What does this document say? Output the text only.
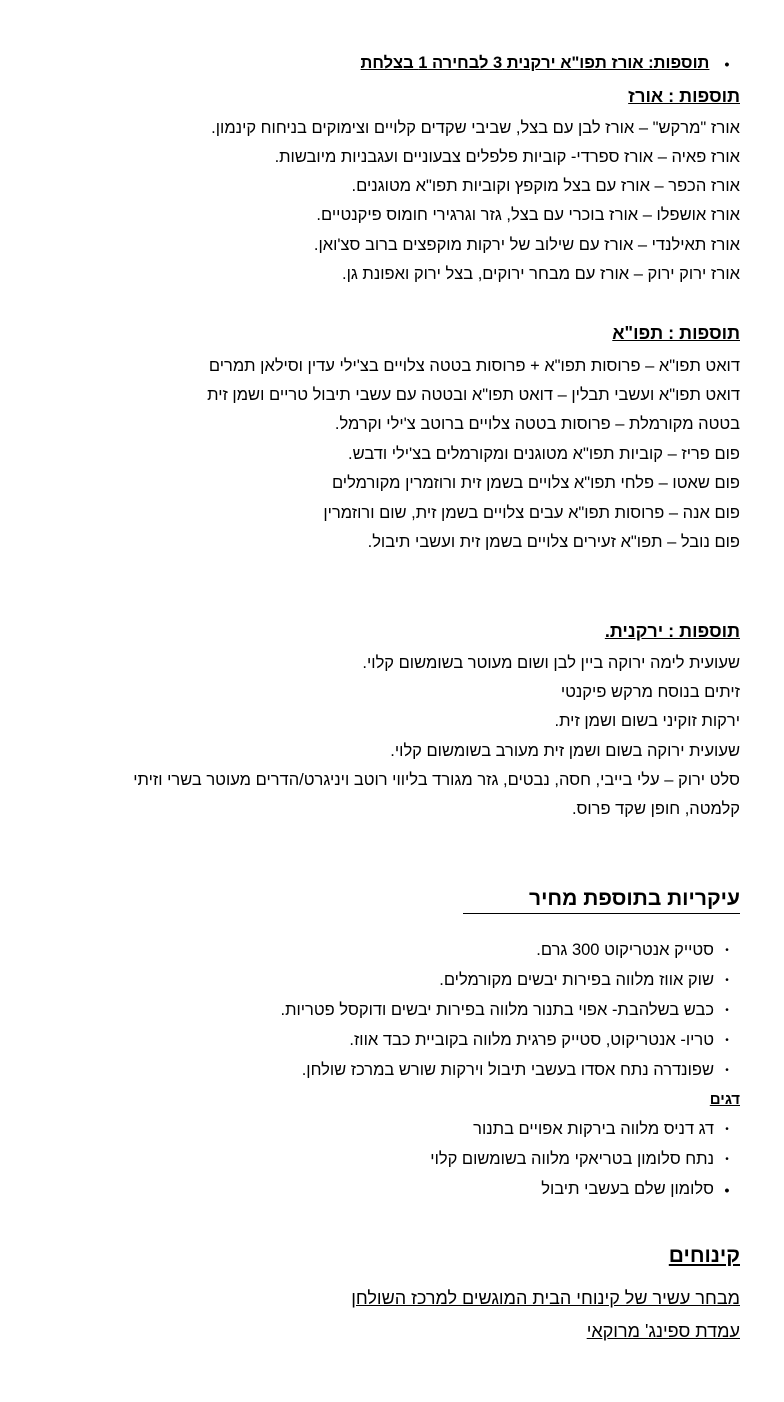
• תוספות: אורז תפו"א ירקנית 3 לבחירה 1 בצלחת
תוספות : אורז
אורז "מרקש" – אורז לבן עם בצל, שביבי שקדים קלויים וצימוקים בניחוח קינמון.
אורז פאיה – אורז ספרדי- קוביות פלפלים צבעוניים ועגבניות מיובשות.
אורז הכפר – אורז עם בצל מוקפץ וקוביות תפו"א מטוגנים.
אורז אושפלו – אורז בוכרי עם בצל, גזר וגרגירי חומוס פיקנטיים.
אורז תאילנדי – אורז עם שילוב של ירקות מוקפצים ברוב סצ'ואן.
אורז ירוק ירוק – אורז עם מבחר ירוקים, בצל ירוק ואפונת גן.
תוספות : תפו"א
דואט תפו"א – פרוסות תפו"א + פרוסות בטטה צלויים בצ'ילי עדין וסילאן תמרים
דואט תפו"א ועשבי תבלין – דואט תפו"א ובטטה עם עשבי תיבול טריים ושמן זית
בטטה מקורמלת – פרוסות בטטה צלויים ברוטב צ'ילי וקרמל.
פום פריז – קוביות תפו"א מטוגנים ומקורמלים בצ'ילי ודבש.
פום שאטו – פלחי תפו"א צלויים בשמן זית ורוזמרין מקורמלים
פום אנה – פרוסות תפו"א עבים צלויים בשמן זית, שום ורוזמרין
פום נובל – תפו"א זעירים צלויים בשמן זית ועשבי תיבול.
תוספות : ירקנית.
שעועית לימה ירוקה ביין לבן ושום מעוטר בשומשום קלוי.
זיתים בנוסח מרקש פיקנטי
ירקות זוקיני בשום ושמן זית.
שעועית ירוקה בשום ושמן זית מעורב בשומשום קלוי.
סלט ירוק – עלי בייבי, חסה, נבטים, גזר מגורד בליווי רוטב ויניגרט/הדרים מעוטר בשרי וזיתי
קלמטה, חופן שקד פרוס.
עיקריות בתוספת מחיר
•סטייק אנטריקוט 300 גרם.
•שוק אווז מלווה בפירות יבשים מקורמלים.
•כבש בשלהבת- אפוי בתנור מלווה בפירות יבשים ודוקסל פטריות.
•טריו- אנטריקוט, סטייק פרגית מלווה בקוביית כבד אווז.
•שפונדרה נתח אסדו בעשבי תיבול וירקות שורש במרכז שולחן.
דגים
•דג דניס מלווה בירקות אפויים בתנור
•נתח סלומון בטריאקי מלווה בשומשום קלוי
•סלומון שלם בעשבי תיבול
קינוחים
מבחר עשיר של קינוחי הבית המוגשים למרכז השולחן
עמדת ספינג' מרוקאי
